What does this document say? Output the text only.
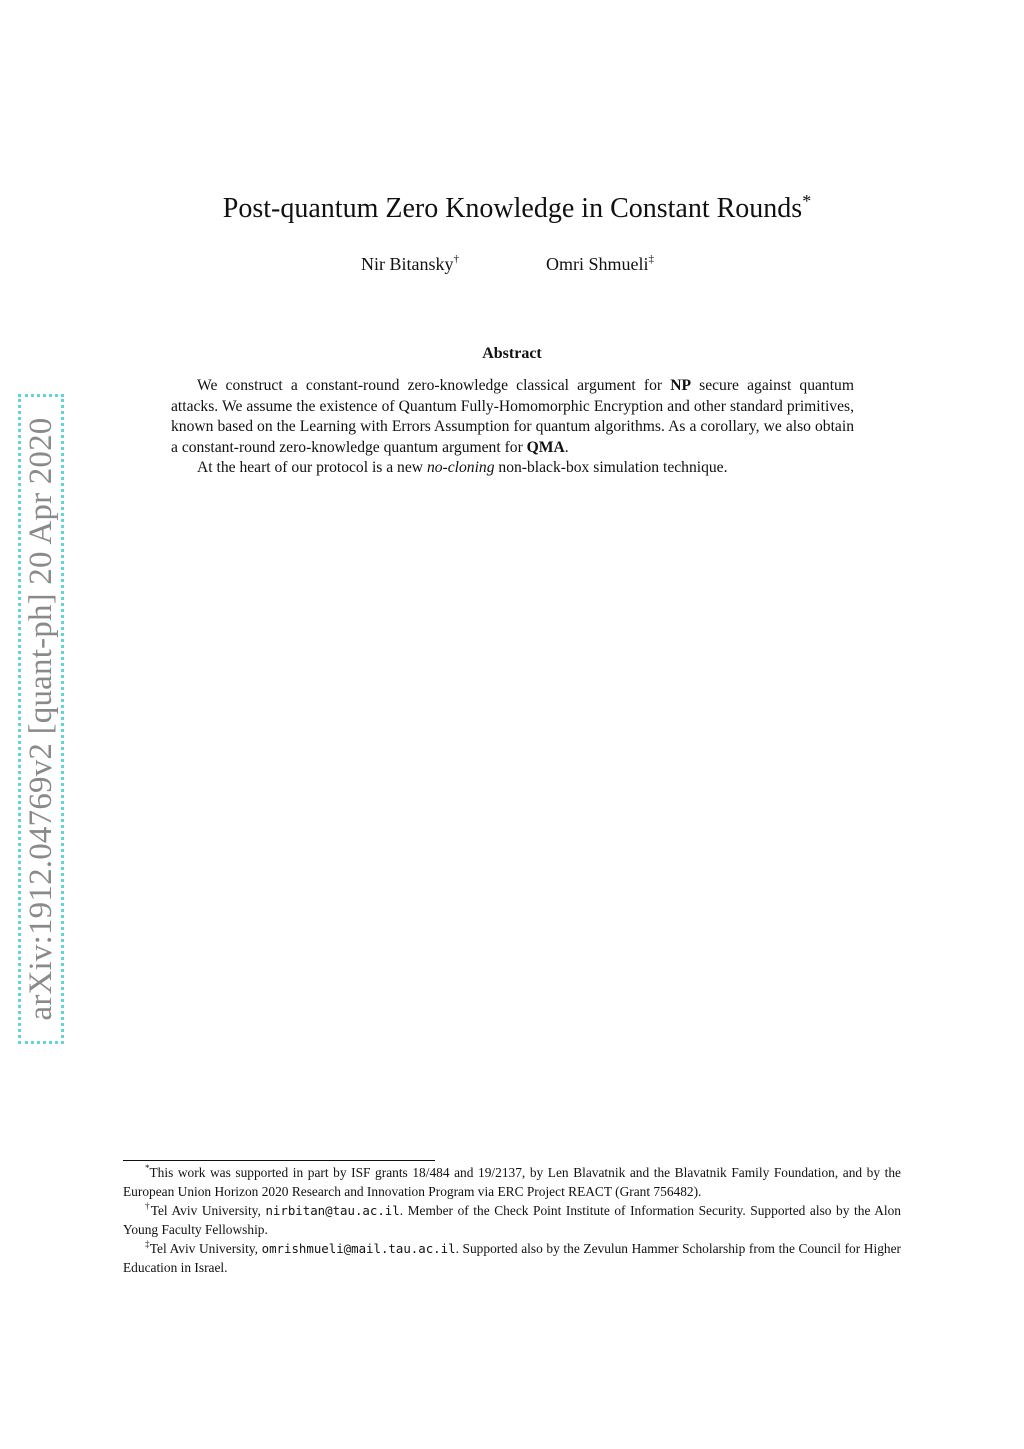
arXiv:1912.04769v2 [quant-ph] 20 Apr 2020
Post-quantum Zero Knowledge in Constant Rounds*
Nir Bitansky†	Omri Shmueli‡
Abstract

We construct a constant-round zero-knowledge classical argument for NP secure against quantum attacks. We assume the existence of Quantum Fully-Homomorphic Encryption and other standard primitives, known based on the Learning with Errors Assumption for quantum algorithms. As a corollary, we also obtain a constant-round zero-knowledge quantum argument for QMA.

At the heart of our protocol is a new no-cloning non-black-box simulation technique.

*This work was supported in part by ISF grants 18/484 and 19/2137, by Len Blavatnik and the Blavatnik Family Foundation, and by the European Union Horizon 2020 Research and Innovation Program via ERC Project REACT (Grant 756482).

†Tel Aviv University, nirbitan@tau.ac.il. Member of the Check Point Institute of Information Security. Supported also by the Alon Young Faculty Fellowship.

‡Tel Aviv University, omrishmueli@mail.tau.ac.il. Supported also by the Zevulun Hammer Scholarship from the Council for Higher Education in Israel.
